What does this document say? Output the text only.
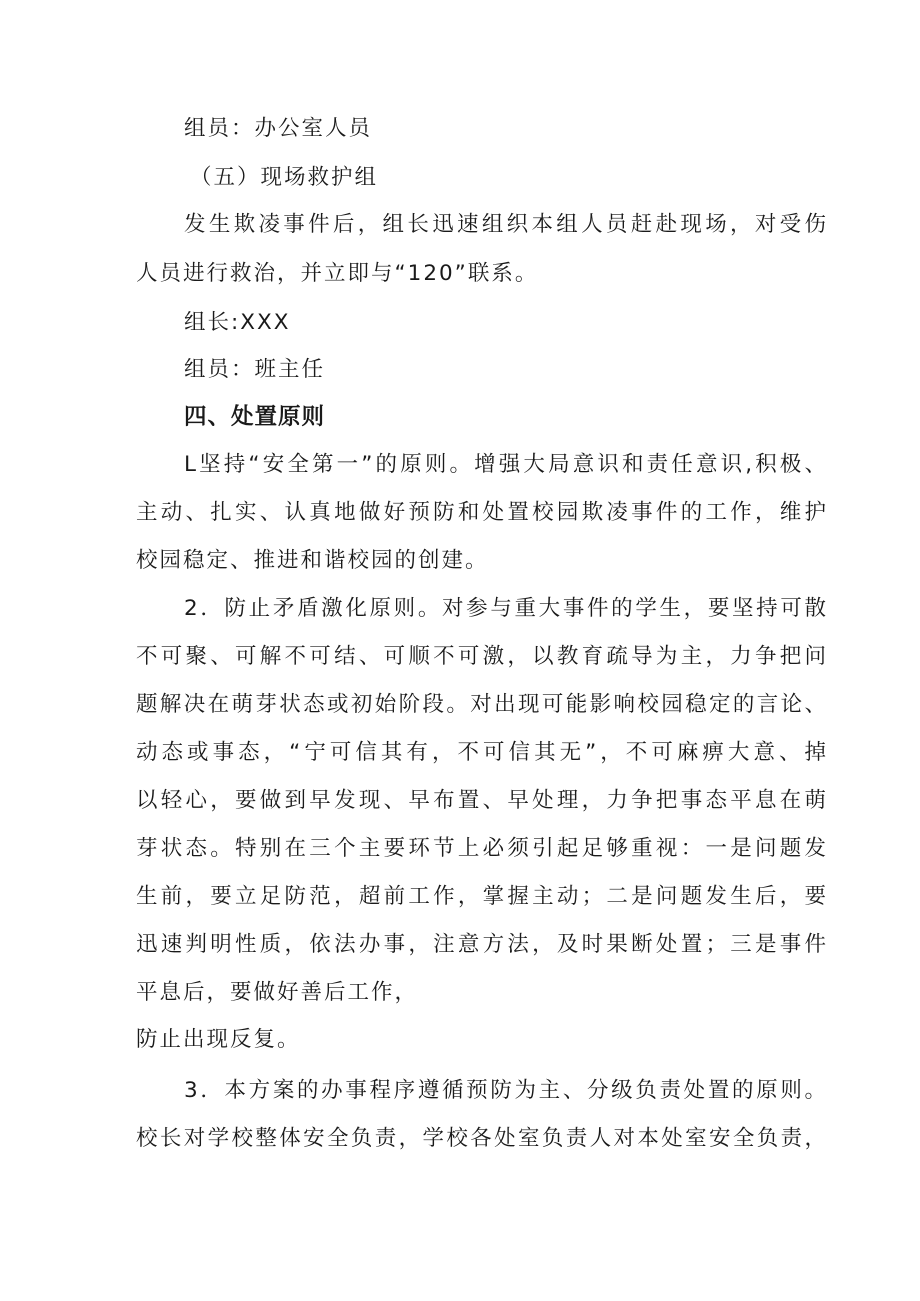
组员：办公室人员
（五）现场救护组
发生欺凌事件后，组长迅速组织本组人员赶赴现场，对受伤
人员进行救治，并立即与“120”联系。
组长:XXX
组员：班主任
四、处置原则
L坚持“安全第一”的原则。增强大局意识和责任意识,积极、
主动、扎实、认真地做好预防和处置校园欺凌事件的工作，维护
校园稳定、推进和谐校园的创建。
2．防止矛盾激化原则。对参与重大事件的学生，要坚持可散
不可聚、可解不可结、可顺不可激，以教育疏导为主，力争把问
题解决在萌芽状态或初始阶段。对出现可能影响校园稳定的言论、
动态或事态，“宁可信其有，不可信其无”，不可麻痹大意、掉
以轻心，要做到早发现、早布置、早处理，力争把事态平息在萌
芽状态。特别在三个主要环节上必须引起足够重视：一是问题发
生前，要立足防范，超前工作，掌握主动；二是问题发生后，要
迅速判明性质，依法办事，注意方法，及时果断处置；三是事件
平息后，要做好善后工作，
防止出现反复。
3．本方案的办事程序遵循预防为主、分级负责处置的原则。
校长对学校整体安全负责，学校各处室负责人对本处室安全负责，
